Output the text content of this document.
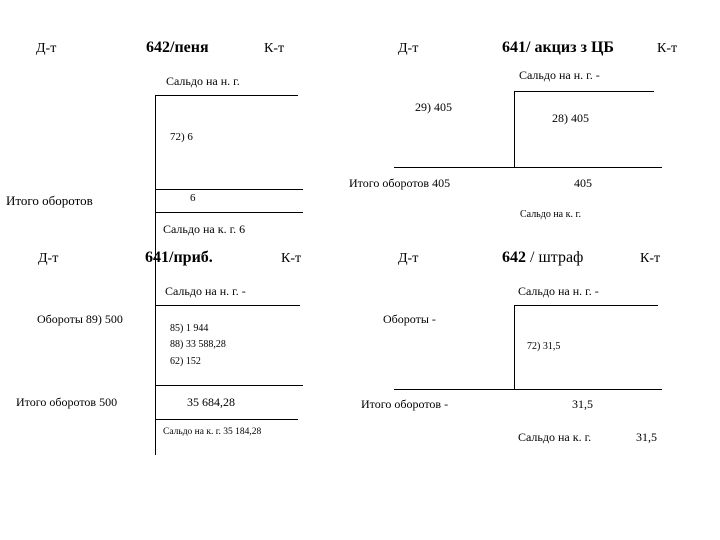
Д-т	642/пеня	К-т
Сальдо на н. г.
72) 6
Итого оборотов	6
Сальдо на к. г. 6
Д-т	641/ акциз з ЦБ	К-т
Сальдо на н. г. -
29) 405
28) 405
Итого оборотов 405	405
Сальдо на к. г.
Д-т	641/приб.	К-т
Сальдо на н. г. -
Обороты 89) 500
85) 1 944
88) 33 588,28
62) 152
Итого оборотов 500	35 684,28
Сальдо на к. г. 35 184,28
Д-т	642 / штраф	К-т
Сальдо на н. г. -
Обороты -
72) 31,5
Итого оборотов -	31,5
Сальдо на к. г.	31,5
